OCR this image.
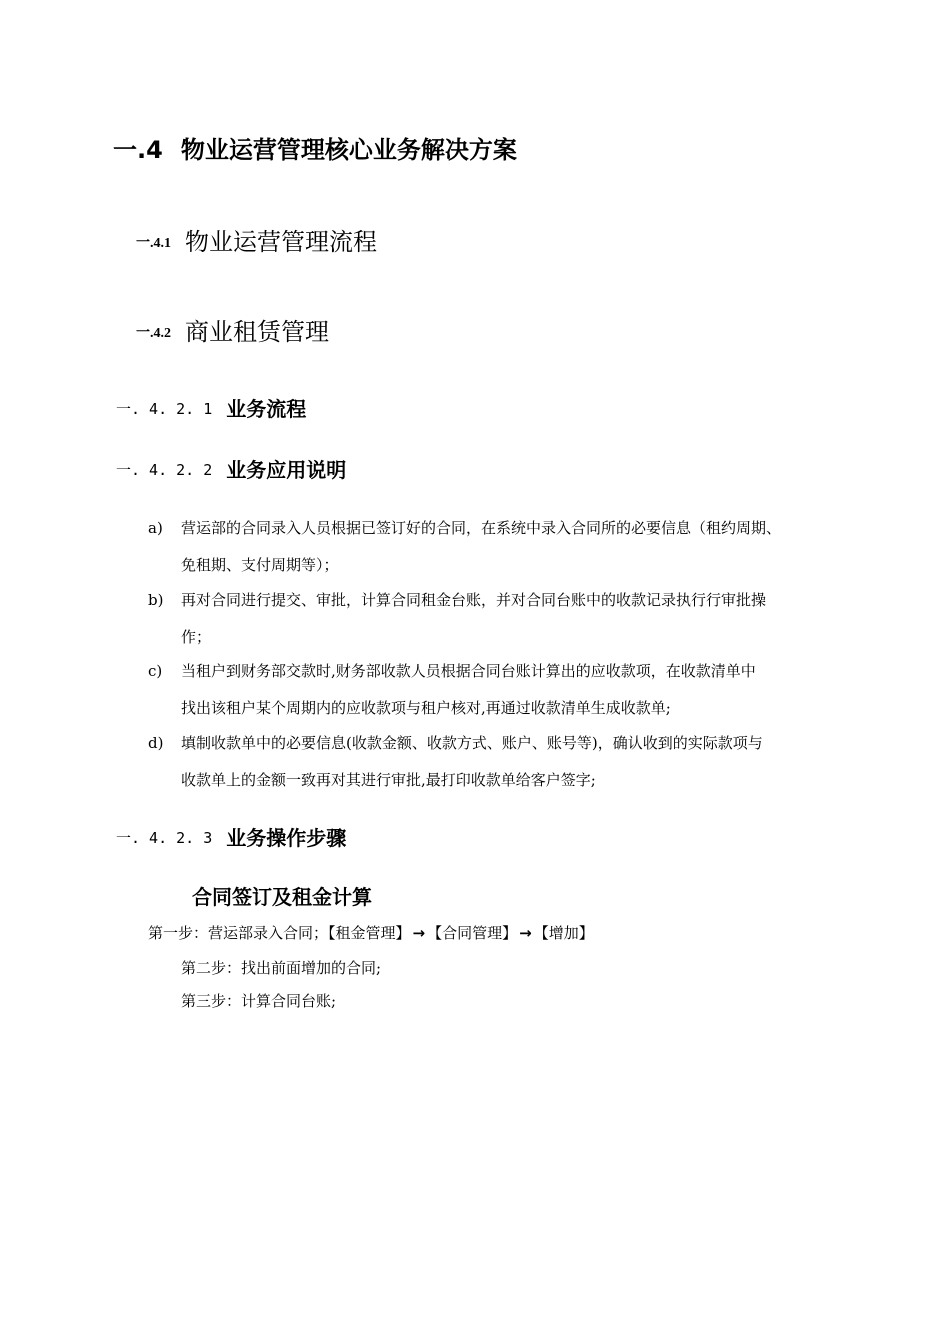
一.4 物业运营管理核心业务解决方案
一.4.1 物业运营管理流程
一.4.2 商业租赁管理
一. 4. 2. 1 业务流程
一. 4. 2. 2 业务应用说明
a)	营运部的合同录入人员根据已签订好的合同，在系统中录入合同所的必要信息（租约周期、
免租期、支付周期等）；
b)	再对合同进行提交、审批，计算合同租金台账，并对合同台账中的收款记录执行行审批操
作；
c)	当租户到财务部交款时,财务部收款人员根据合同台账计算出的应收款项，在收款清单中
找出该租户某个周期内的应收款项与租户核对,再通过收款清单生成收款单;
d)	填制收款单中的必要信息(收款金额、收款方式、账户、账号等)，确认收到的实际款项与
收款单上的金额一致再对其进行审批,最打印收款单给客户签字;
一. 4. 2. 3 业务操作步骤
合同签订及租金计算
第一步：营运部录入合同；【租金管理】 → 【合同管理】 → 【增加】
第二步：找出前面增加的合同;
第三步：计算合同台账;
